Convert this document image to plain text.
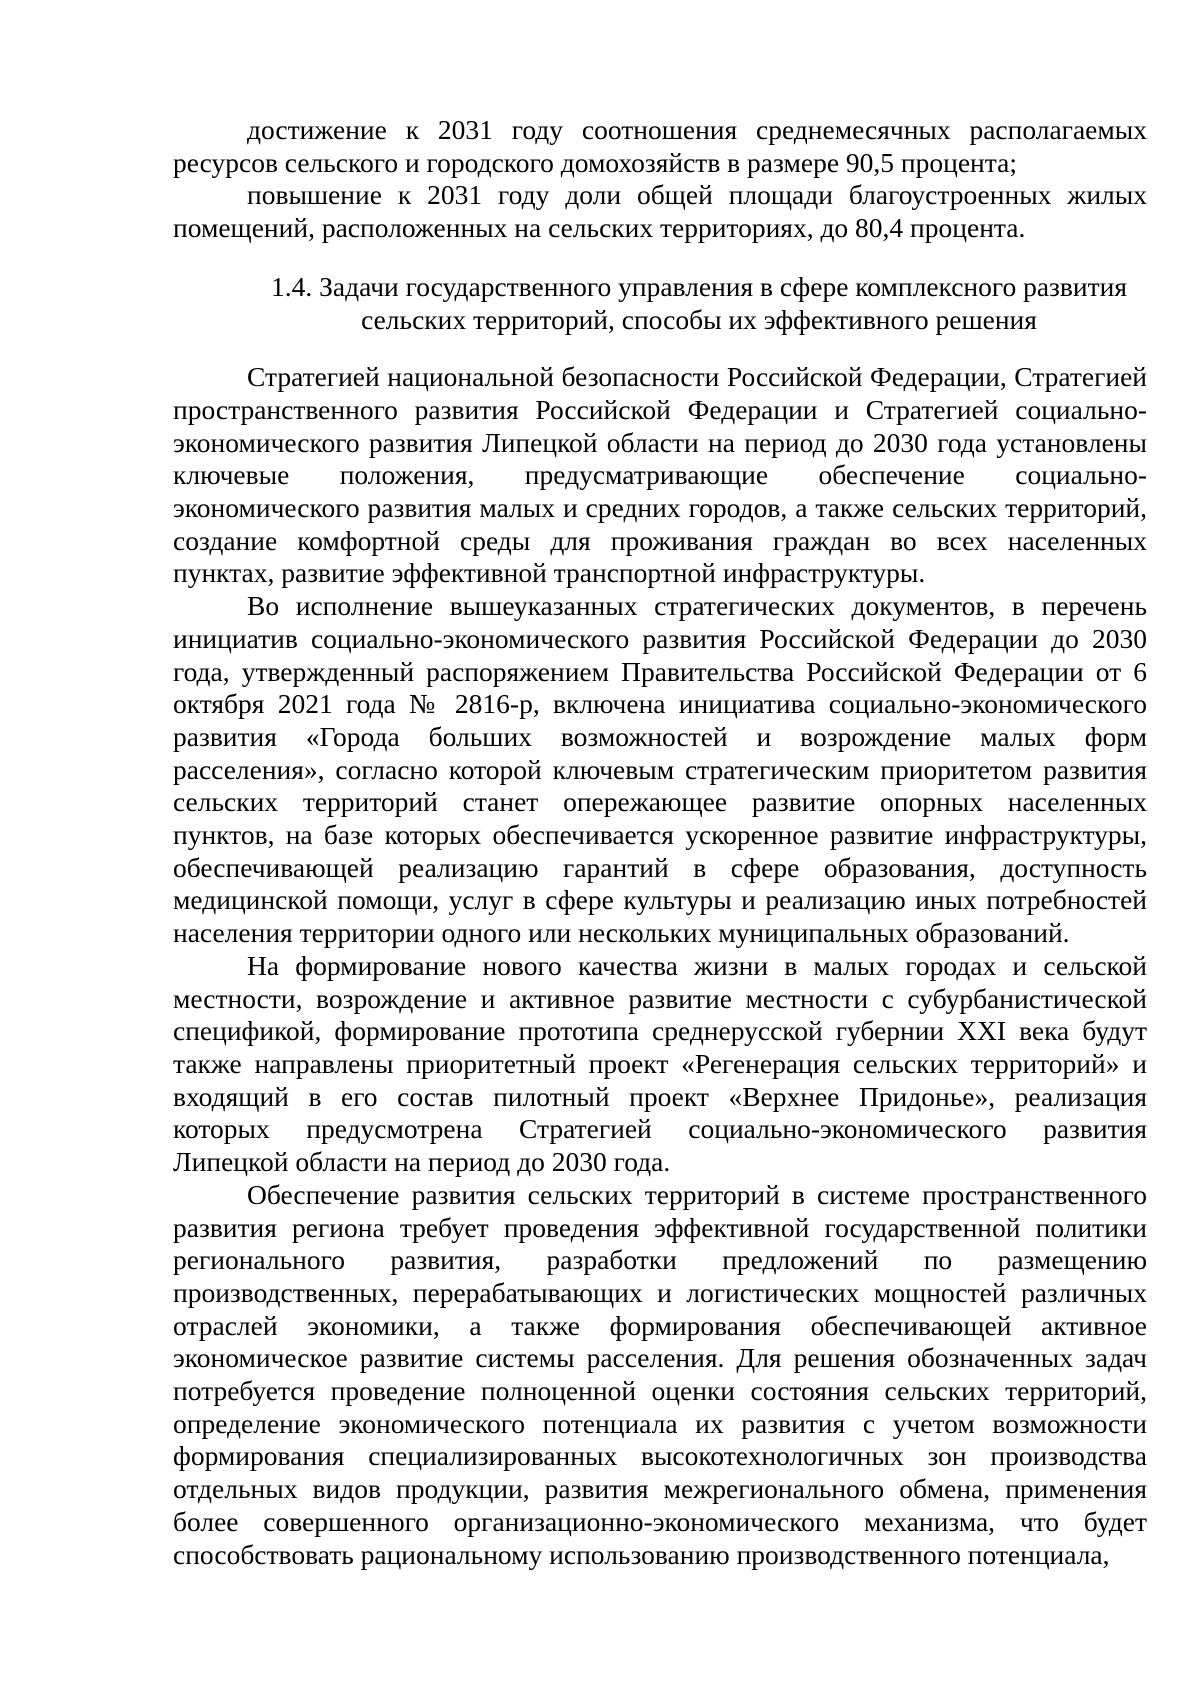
достижение к 2031 году соотношения среднемесячных располагаемых ресурсов сельского и городского домохозяйств в размере 90,5 процента;

повышение к 2031 году доли общей площади благоустроенных жилых помещений, расположенных на сельских территориях, до 80,4 процента.

1.4. Задачи государственного управления в сфере комплексного развития
сельских территорий, способы их эффективного решения

Стратегией национальной безопасности Российской Федерации, Стратегией пространственного развития Российской Федерации и Стратегией социально-экономического развития Липецкой области на период до 2030 года установлены ключевые положения, предусматривающие обеспечение социально-экономического развития малых и средних городов, а также сельских территорий, создание комфортной среды для проживания граждан во всех населенных пунктах, развитие эффективной транспортной инфраструктуры.

Во исполнение вышеуказанных стратегических документов, в перечень инициатив социально-экономического развития Российской Федерации до 2030 года, утвержденный распоряжением Правительства Российской Федерации от 6 октября 2021 года № 2816-р, включена инициатива социально-экономического развития «Города больших возможностей и возрождение малых форм расселения», согласно которой ключевым стратегическим приоритетом развития сельских территорий станет опережающее развитие опорных населенных пунктов, на базе которых обеспечивается ускоренное развитие инфраструктуры, обеспечивающей реализацию гарантий в сфере образования, доступность медицинской помощи, услуг в сфере культуры и реализацию иных потребностей населения территории одного или нескольких муниципальных образований.

На формирование нового качества жизни в малых городах и сельской местности, возрождение и активное развитие местности с субурбанистической спецификой, формирование прототипа среднерусской губернии XXI века будут также направлены приоритетный проект «Регенерация сельских территорий» и входящий в его состав пилотный проект «Верхнее Придонье», реализация которых предусмотрена Стратегией социально-экономического развития Липецкой области на период до 2030 года.

Обеспечение развития сельских территорий в системе пространственного развития региона требует проведения эффективной государственной политики регионального развития, разработки предложений по размещению производственных, перерабатывающих и логистических мощностей различных отраслей экономики, а также формирования обеспечивающей активное экономическое развитие системы расселения. Для решения обозначенных задач потребуется проведение полноценной оценки состояния сельских территорий, определение экономического потенциала их развития с учетом возможности формирования специализированных высокотехнологичных зон производства отдельных видов продукции, развития межрегионального обмена, применения более совершенного организационно-экономического механизма, что будет способствовать рациональному использованию производственного потенциала,
